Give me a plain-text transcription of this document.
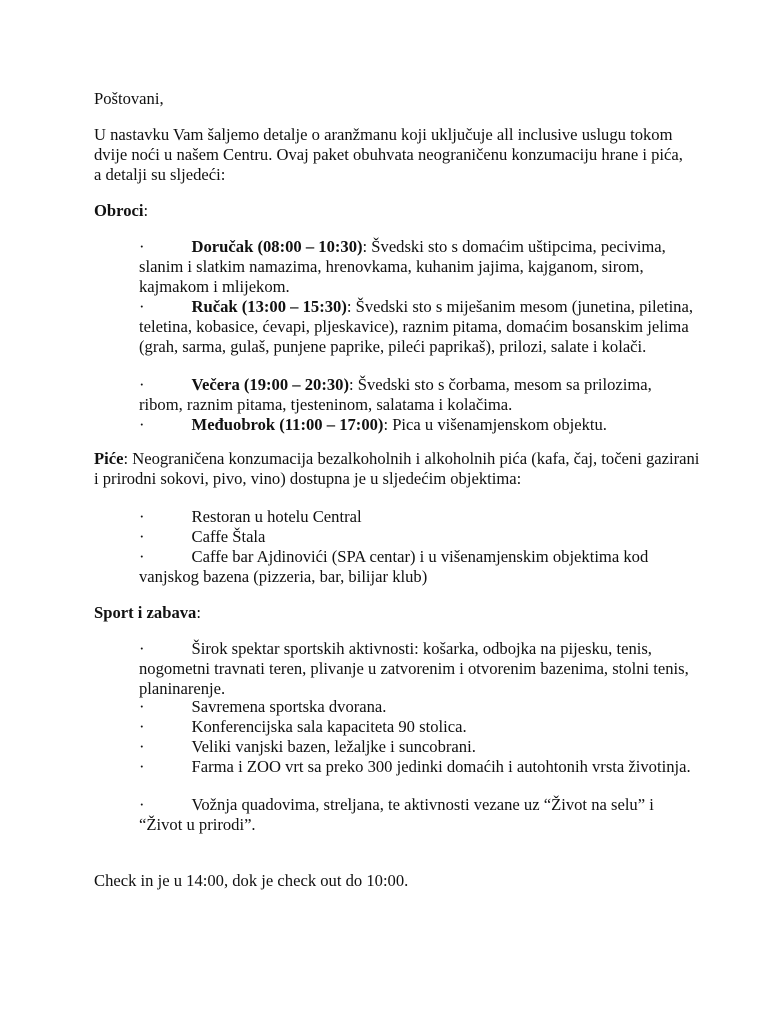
Poštovani,

U nastavku Vam šaljemo detalje o aranžmanu koji uključuje all inclusive uslugu tokom dvije noći u našem Centru. Ovaj paket obuhvata neograničenu konzumaciju hrane i pića, a detalji su sljedeći:

Obroci:

·	Doručak (08:00 – 10:30): Švedski sto s domaćim uštipcima, pecivima, slanim i slatkim namazima, hrenovkama, kuhanim jajima, kajganom, sirom, kajmakom i mlijekom.

·	Ručak (13:00 – 15:30): Švedski sto s miješanim mesom (junetina, piletina, teletina, kobasice, ćevapi, pljeskavice), raznim pitama, domaćim bosanskim jelima (grah, sarma, gulaš, punjene paprike, pileći paprikaš), prilozi, salate i kolači.

·	Večera (19:00 – 20:30): Švedski sto s čorbama, mesom sa prilozima, ribom, raznim pitama, tjesteninom, salatama i kolačima.

·	Međuobrok (11:00 – 17:00): Pica u višenamjenskom objektu.

Piće: Neograničena konzumacija bezalkoholnih i alkoholnih pića (kafa, čaj, točeni gazirani i prirodni sokovi, pivo, vino) dostupna je u sljedećim objektima:

·	Restoran u hotelu Central

·	Caffe Štala

·	Caffe bar Ajdinovići (SPA centar) i u višenamjenskim objektima kod vanjskog bazena (pizzeria, bar, bilijar klub)

Sport i zabava:

·	Širok spektar sportskih aktivnosti: košarka, odbojka na pijesku, tenis, nogometni travnati teren, plivanje u zatvorenim i otvorenim bazenima, stolni tenis, planinarenje.

·	Savremena sportska dvorana.

·	Konferencijska sala kapaciteta 90 stolica.

·	Veliki vanjski bazen, ležaljke i suncobrani.

·	Farma i ZOO vrt sa preko 300 jedinki domaćih i autohtonih vrsta životinja.

·	Vožnja quadovima, streljana, te aktivnosti vezane uz “Život na selu” i “Život u prirodi”.

Check in je u 14:00, dok je check out do 10:00.
